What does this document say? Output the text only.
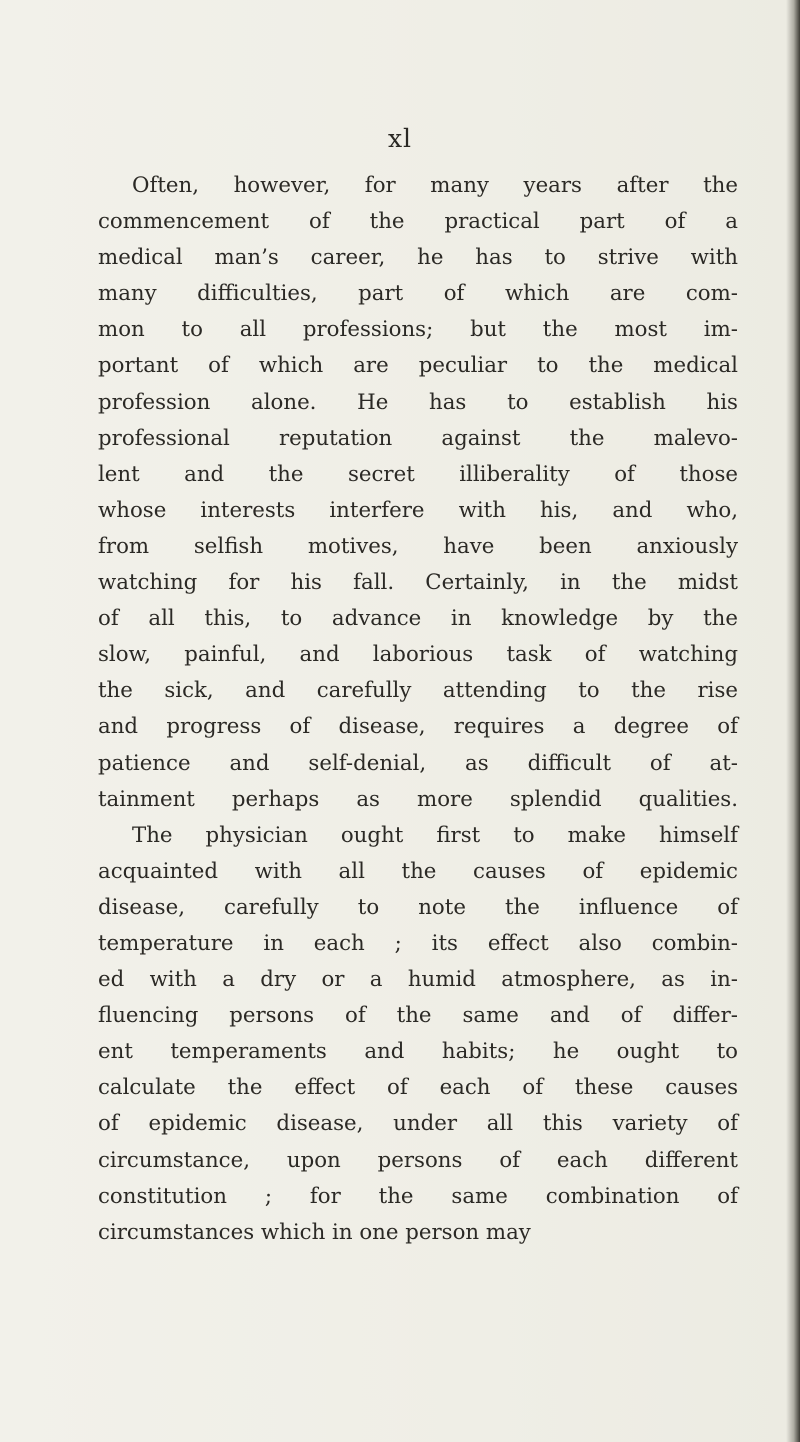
xl
Often, however, for many years after the
commencement of the practical part of a
medical man’s career, he has to strive with
many difficulties, part of which are com-
mon to all professions; but the most im-
portant of which are peculiar to the medical
profession alone. He has to establish his
professional reputation against the malevo-
lent and the secret illiberality of those
whose interests interfere with his, and who,
from selfish motives, have been anxiously
watching for his fall. Certainly, in the midst
of all this, to advance in knowledge by the
slow, painful, and laborious task of watching
the sick, and carefully attending to the rise
and progress of disease, requires a degree of
patience and self-denial, as difficult of at-
tainment perhaps as more splendid qualities.
The physician ought first to make himself
acquainted with all the causes of epidemic
disease, carefully to note the influence of
temperature in each ; its effect also combin-
ed with a dry or a humid atmosphere, as in-
fluencing persons of the same and of differ-
ent temperaments and habits; he ought to
calculate the effect of each of these causes
of epidemic disease, under all this variety of
circumstance, upon persons of each different
constitution ; for the same combination of
circumstances which in one person may
